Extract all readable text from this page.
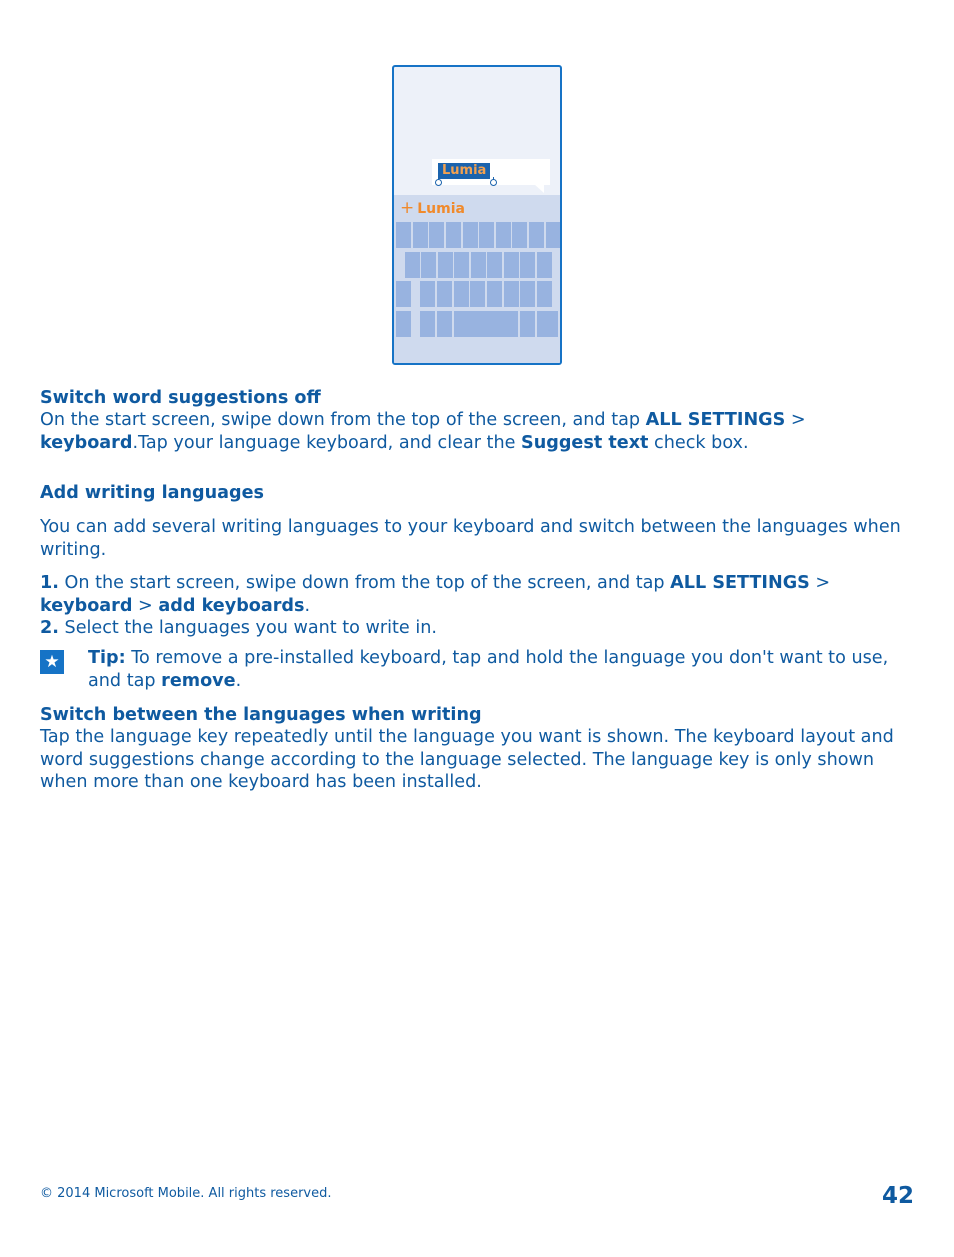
Lumia
+ Lumia
Switch word suggestions off
On the start screen, swipe down from the top of the screen, and tap ALL SETTINGS > keyboard.Tap your language keyboard, and clear the Suggest text check box.
Add writing languages
You can add several writing languages to your keyboard and switch between the languages when writing.
1. On the start screen, swipe down from the top of the screen, and tap ALL SETTINGS > keyboard > add keyboards.
2. Select the languages you want to write in.
★ Tip: To remove a pre-installed keyboard, tap and hold the language you don't want to use, and tap remove.
Switch between the languages when writing
Tap the language key repeatedly until the language you want is shown. The keyboard layout and word suggestions change according to the language selected. The language key is only shown when more than one keyboard has been installed.
© 2014 Microsoft Mobile. All rights reserved.	42
